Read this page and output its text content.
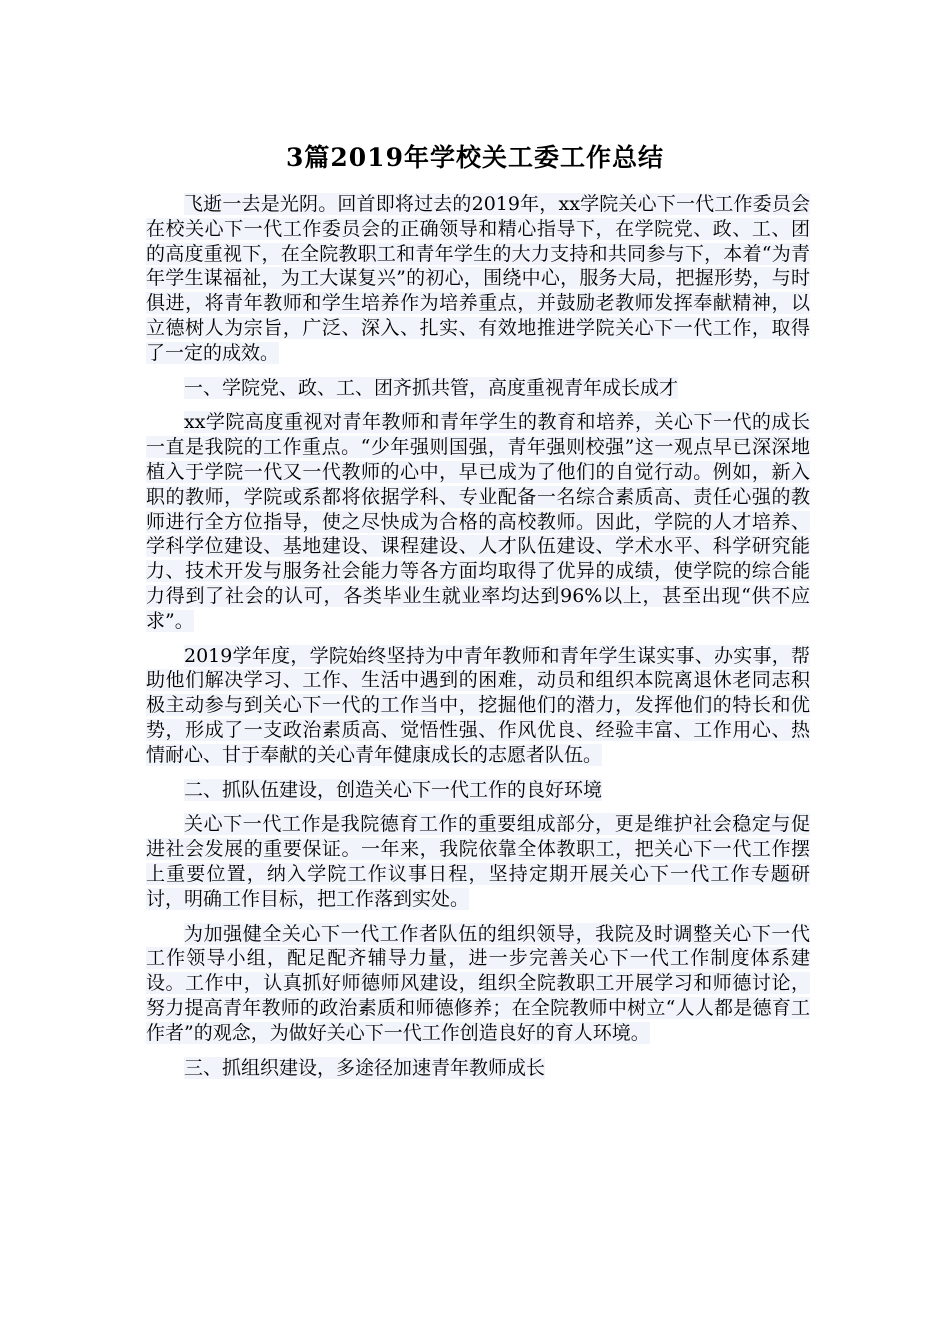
3篇2019年学校关工委工作总结

飞逝一去是光阴。回首即将过去的2019年，xx学院关心下一代工作委员会在校关心下一代工作委员会的正确领导和精心指导下，在学院党、政、工、团的高度重视下，在全院教职工和青年学生的大力支持和共同参与下，本着“为青年学生谋福祉，为工大谋复兴”的初心，围绕中心，服务大局，把握形势，与时俱进，将青年教师和学生培养作为培养重点，并鼓励老教师发挥奉献精神，以立德树人为宗旨，广泛、深入、扎实、有效地推进学院关心下一代工作，取得了一定的成效。

一、学院党、政、工、团齐抓共管，高度重视青年成长成才

xx学院高度重视对青年教师和青年学生的教育和培养，关心下一代的成长一直是我院的工作重点。“少年强则国强，青年强则校强”这一观点早已深深地植入于学院一代又一代教师的心中，早已成为了他们的自觉行动。例如，新入职的教师，学院或系都将依据学科、专业配备一名综合素质高、责任心强的教师进行全方位指导，使之尽快成为合格的高校教师。因此，学院的人才培养、学科学位建设、基地建设、课程建设、人才队伍建设、学术水平、科学研究能力、技术开发与服务社会能力等各方面均取得了优异的成绩，使学院的综合能力得到了社会的认可，各类毕业生就业率均达到96%以上，甚至出现“供不应求”。

2019学年度，学院始终坚持为中青年教师和青年学生谋实事、办实事，帮助他们解决学习、工作、生活中遇到的困难，动员和组织本院离退休老同志积极主动参与到关心下一代的工作当中，挖掘他们的潜力，发挥他们的特长和优势，形成了一支政治素质高、觉悟性强、作风优良、经验丰富、工作用心、热情耐心、甘于奉献的关心青年健康成长的志愿者队伍。

二、抓队伍建设，创造关心下一代工作的良好环境

关心下一代工作是我院德育工作的重要组成部分，更是维护社会稳定与促进社会发展的重要保证。一年来，我院依靠全体教职工，把关心下一代工作摆上重要位置，纳入学院工作议事日程，坚持定期开展关心下一代工作专题研讨，明确工作目标，把工作落到实处。

为加强健全关心下一代工作者队伍的组织领导，我院及时调整关心下一代工作领导小组，配足配齐辅导力量，进一步完善关心下一代工作制度体系建设。工作中，认真抓好师德师风建设，组织全院教职工开展学习和师德讨论，努力提高青年教师的政治素质和师德修养；在全院教师中树立“人人都是德育工作者”的观念，为做好关心下一代工作创造良好的育人环境。

三、抓组织建设，多途径加速青年教师成长
